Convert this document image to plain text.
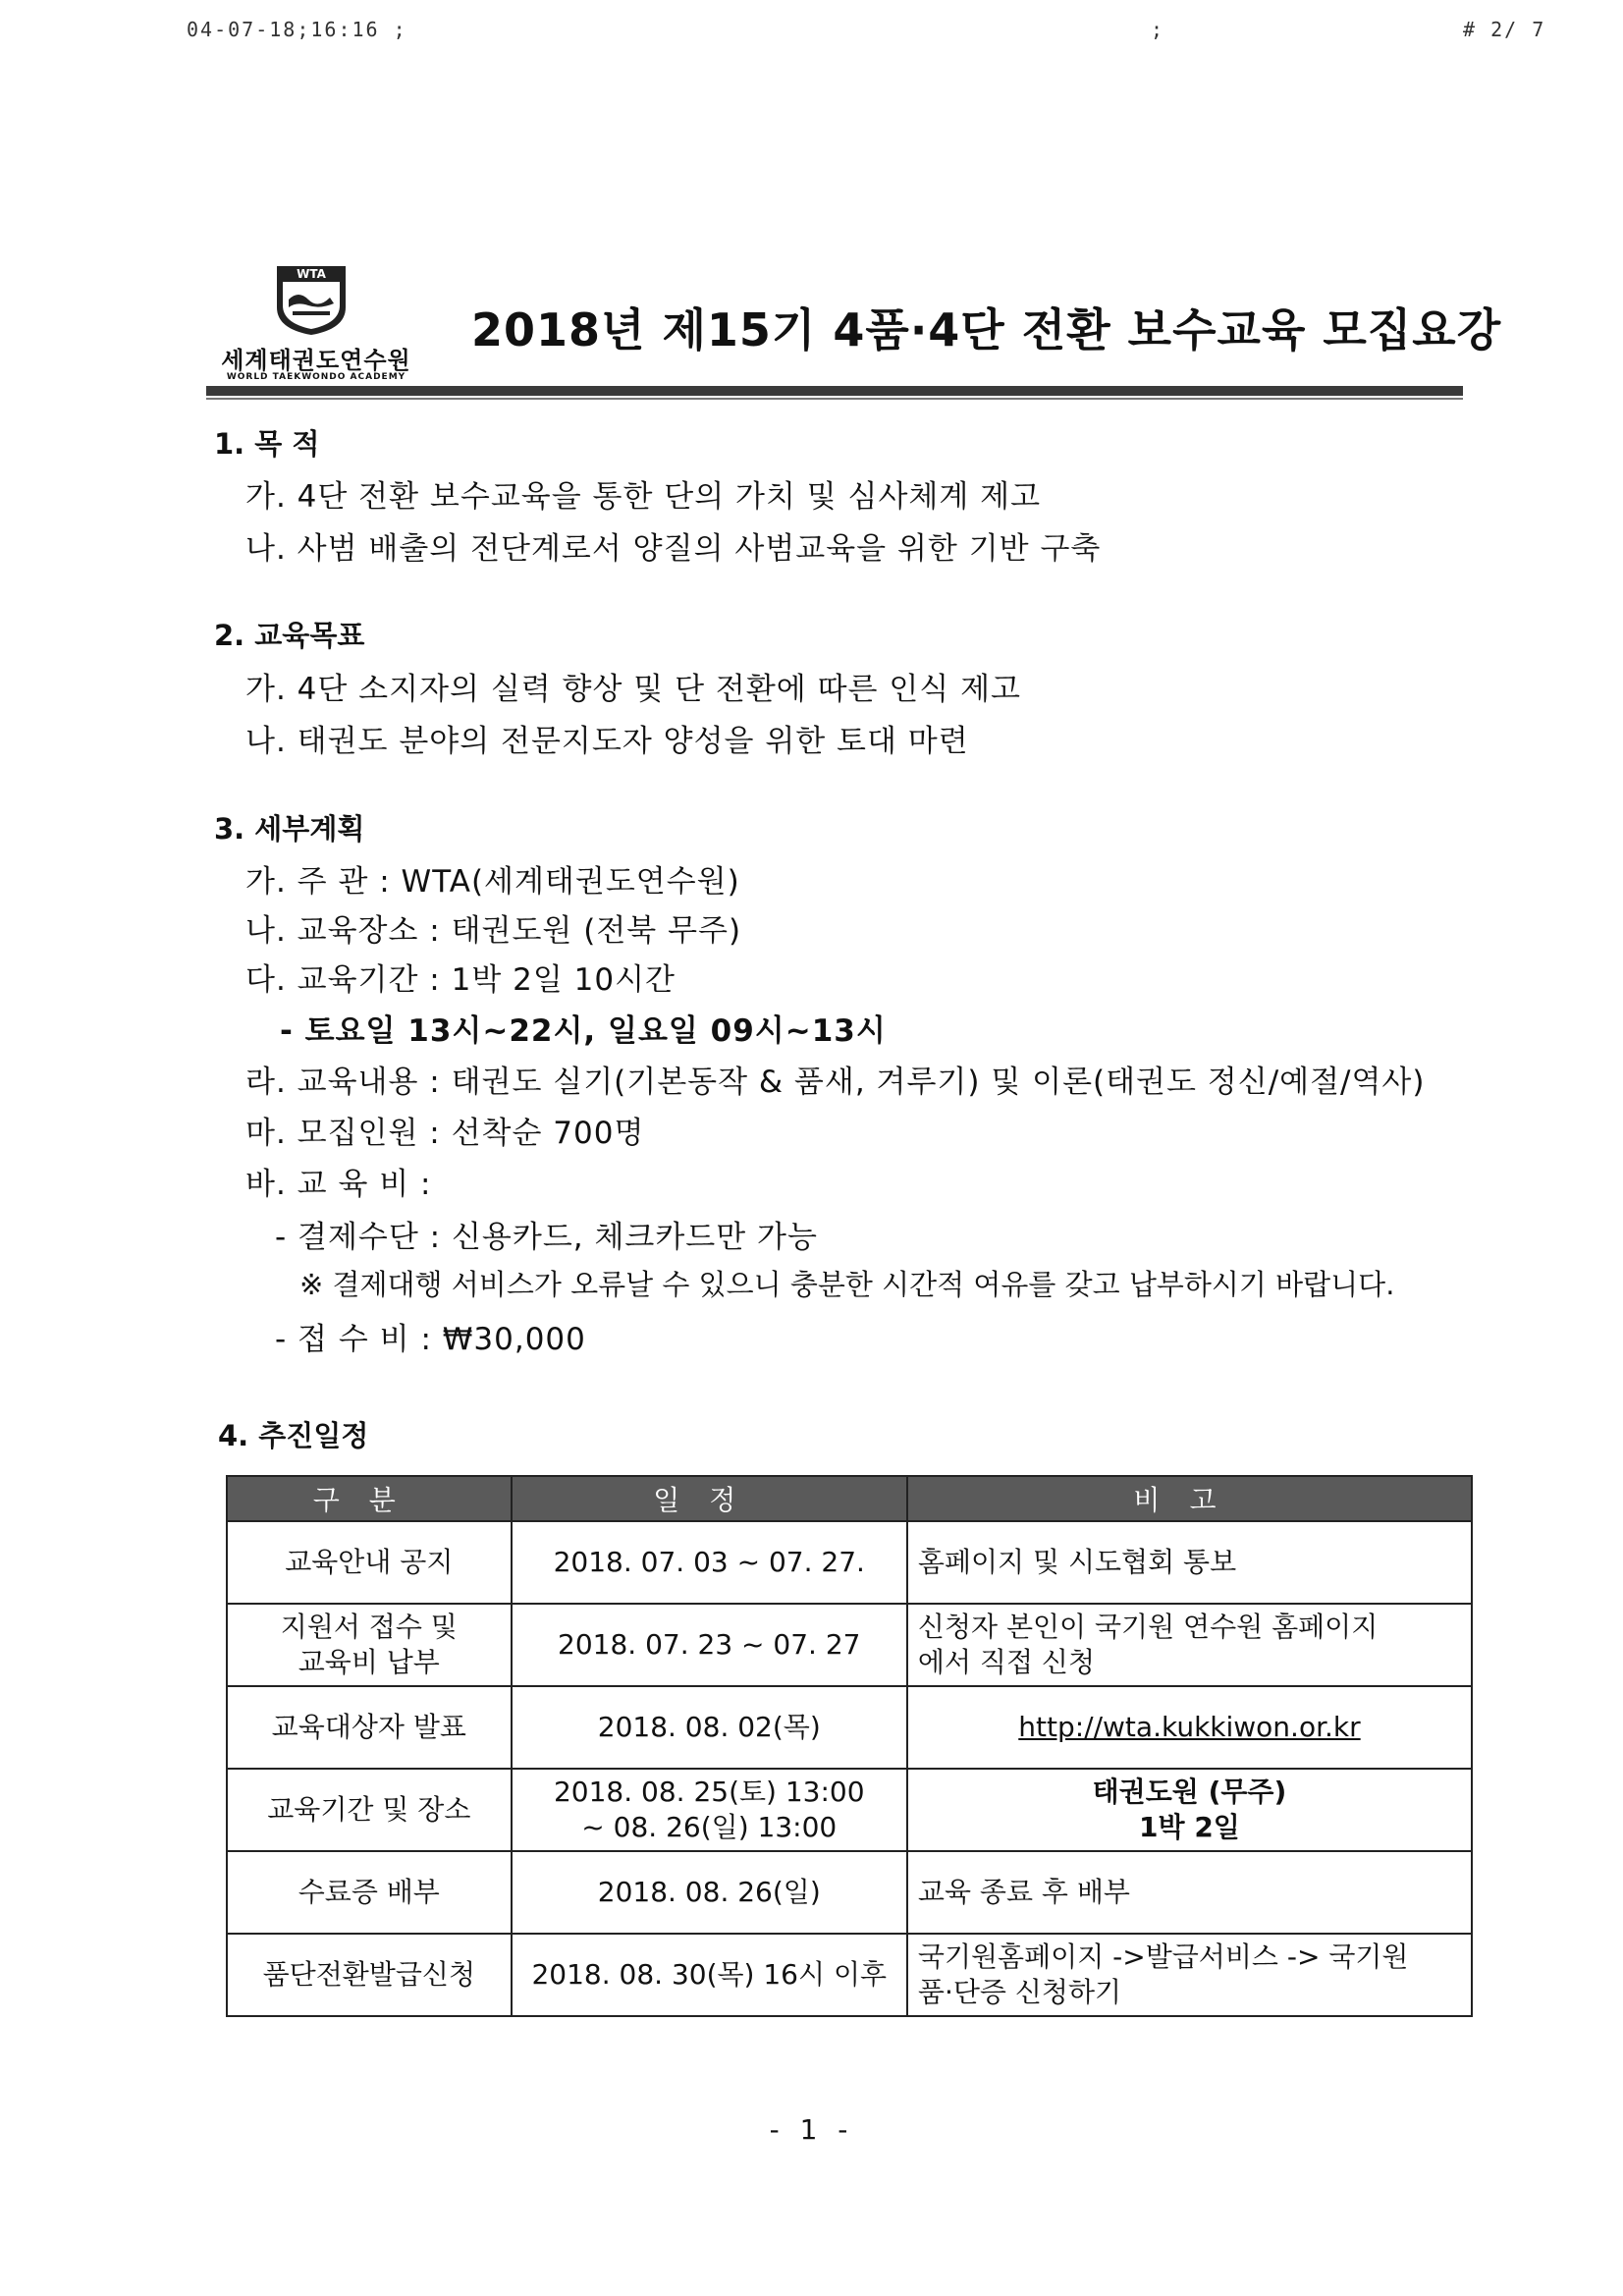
04-07-18;16:16 ;	;	# 2/ 7
WTA
세계태권도연수원
WORLD TAEKWONDO ACADEMY
2018년 제15기 4품·4단 전환 보수교육 모집요강
1. 목 적
가. 4단 전환 보수교육을 통한 단의 가치 및 심사체계 제고
나. 사범 배출의 전단계로서 양질의 사범교육을 위한 기반 구축
2. 교육목표
가. 4단 소지자의 실력 향상 및 단 전환에 따른 인식 제고
나. 태권도 분야의 전문지도자 양성을 위한 토대 마련
3. 세부계획
가. 주 관 : WTA(세계태권도연수원)
나. 교육장소 : 태권도원 (전북 무주)
다. 교육기간 : 1박 2일 10시간
- 토요일 13시~22시, 일요일 09시~13시
라. 교육내용 : 태권도 실기(기본동작 & 품새, 겨루기) 및 이론(태권도 정신/예절/역사)
마. 모집인원 : 선착순 700명
바. 교 육 비 :
- 결제수단 : 신용카드, 체크카드만 가능
※ 결제대행 서비스가 오류날 수 있으니 충분한 시간적 여유를 갖고 납부하시기 바랍니다.
- 접 수 비 : ₩30,000
4. 추진일정
구분	일정	비고
교육안내 공지	2018. 07. 03 ~ 07. 27.	홈페이지 및 시도협회 통보
지원서 접수 및
교육비 납부	2018. 07. 23 ~ 07. 27	신청자 본인이 국기원 연수원 홈페이지
에서 직접 신청
교육대상자 발표	2018. 08. 02(목)	http://wta.kukkiwon.or.kr
교육기간 및 장소	2018. 08. 25(토) 13:00
~ 08. 26(일) 13:00	태권도원 (무주)
1박 2일
수료증 배부	2018. 08. 26(일)	교육 종료 후 배부
품단전환발급신청	2018. 08. 30(목) 16시 이후	국기원홈페이지 ->발급서비스 -> 국기원
품·단증 신청하기
- 1 -
